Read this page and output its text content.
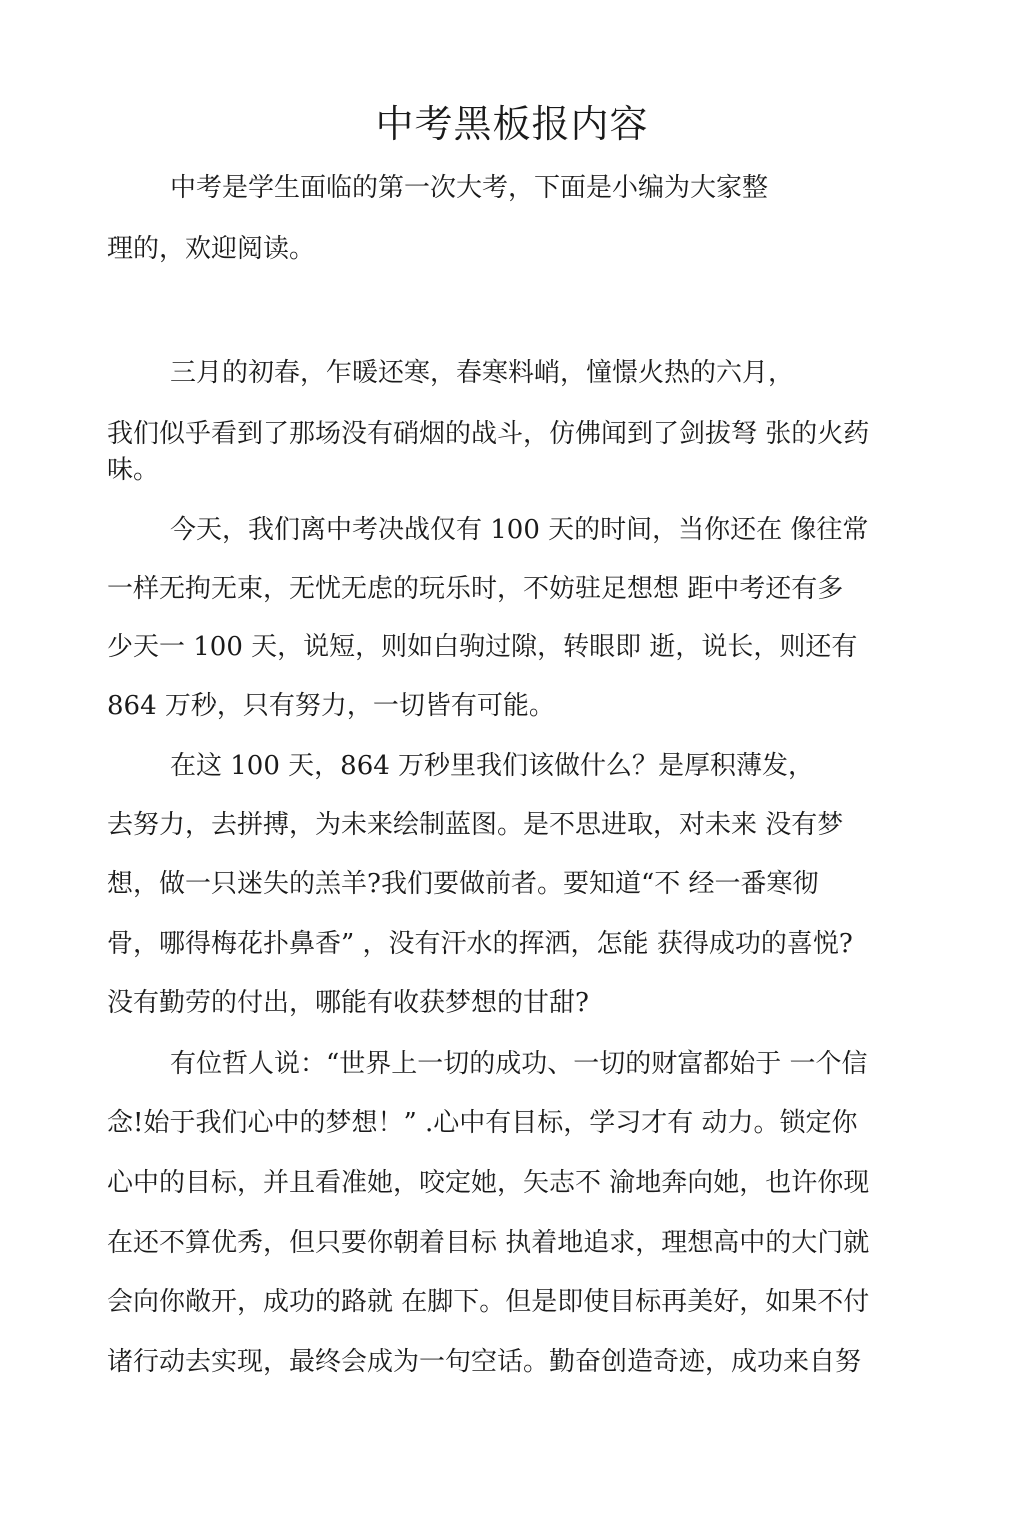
中考黑板报内容

中考是学生面临的第一次大考，下面是小编为大家整

理的，欢迎阅读。

三月的初春，乍暖还寒，春寒料峭，憧憬火热的六月，

我们似乎看到了那场没有硝烟的战斗，仿佛闻到了剑拔弩 张的火药

味。

今天，我们离中考决战仅有 100 天的时间，当你还在 像往常

一样无拘无束，无忧无虑的玩乐时，不妨驻足想想 距中考还有多

少天一 100 天，说短，则如白驹过隙，转眼即 逝，说长，则还有

864 万秒，只有努力，一切皆有可能。

在这 100 天，864 万秒里我们该做什么？是厚积薄发，

去努力，去拼搏，为未来绘制蓝图。是不思进取，对未来 没有梦

想，做一只迷失的羔羊?我们要做前者。要知道“不 经一番寒彻

骨，哪得梅花扑鼻香” ，没有汗水的挥洒，怎能 获得成功的喜悦?

没有勤劳的付出，哪能有收获梦想的甘甜?

有位哲人说：“世界上一切的成功、一切的财富都始于 一个信

念!始于我们心中的梦想！” .心中有目标，学习才有 动力。锁定你

心中的目标，并且看准她，咬定她，矢志不 渝地奔向她，也许你现

在还不算优秀，但只要你朝着目标 执着地追求，理想高中的大门就

会向你敞开，成功的路就 在脚下。但是即使目标再美好，如果不付

诸行动去实现，最终会成为一句空话。勤奋创造奇迹，成功来自努
